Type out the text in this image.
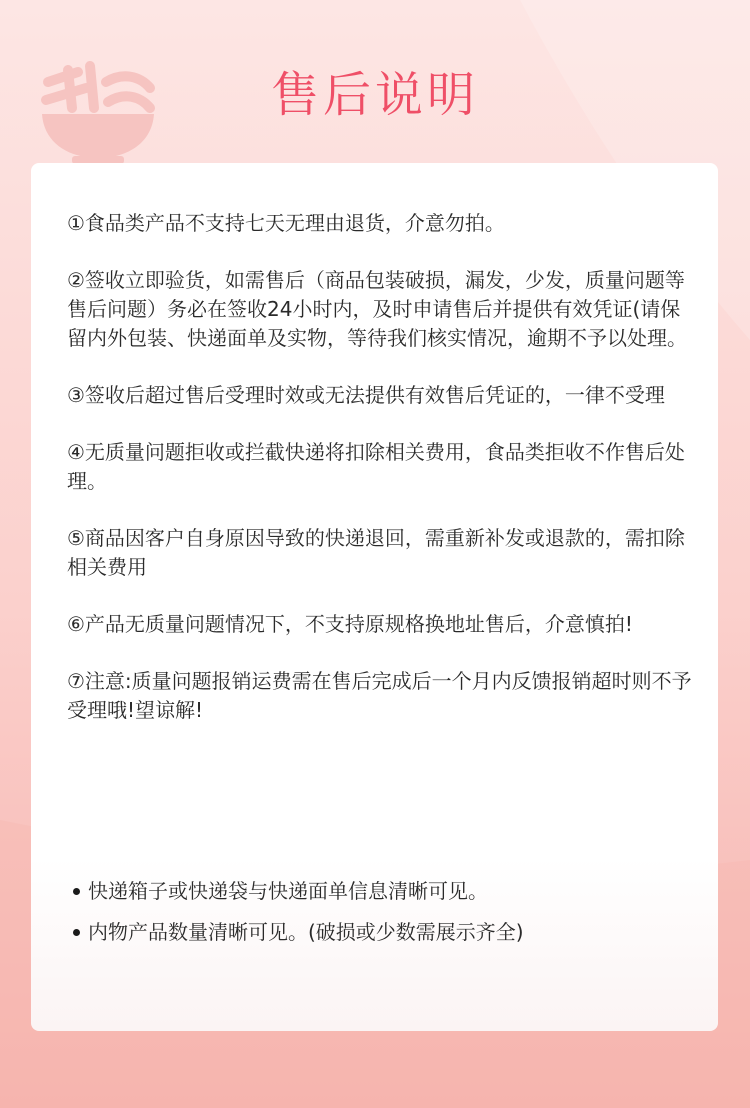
售后说明

①食品类产品不支持七天无理由退货，介意勿拍。

②签收立即验货，如需售后（商品包装破损，漏发，少发，质量问题等售后问题）务必在签收24小时内，及时申请售后并提供有效凭证(请保留内外包装、快递面单及实物，等待我们核实情况，逾期不予以处理。

③签收后超过售后受理时效或无法提供有效售后凭证的，一律不受理

④无质量问题拒收或拦截快递将扣除相关费用，食品类拒收不作售后处理。

⑤商品因客户自身原因导致的快递退回，需重新补发或退款的，需扣除相关费用

⑥产品无质量问题情况下，不支持原规格换地址售后，介意慎拍!

⑦注意:质量问题报销运费需在售后完成后一个月内反馈报销超时则不予受理哦!望谅解!

快递箱子或快递袋与快递面单信息清晰可见。
内物产品数量清晰可见。(破损或少数需展示齐全)
